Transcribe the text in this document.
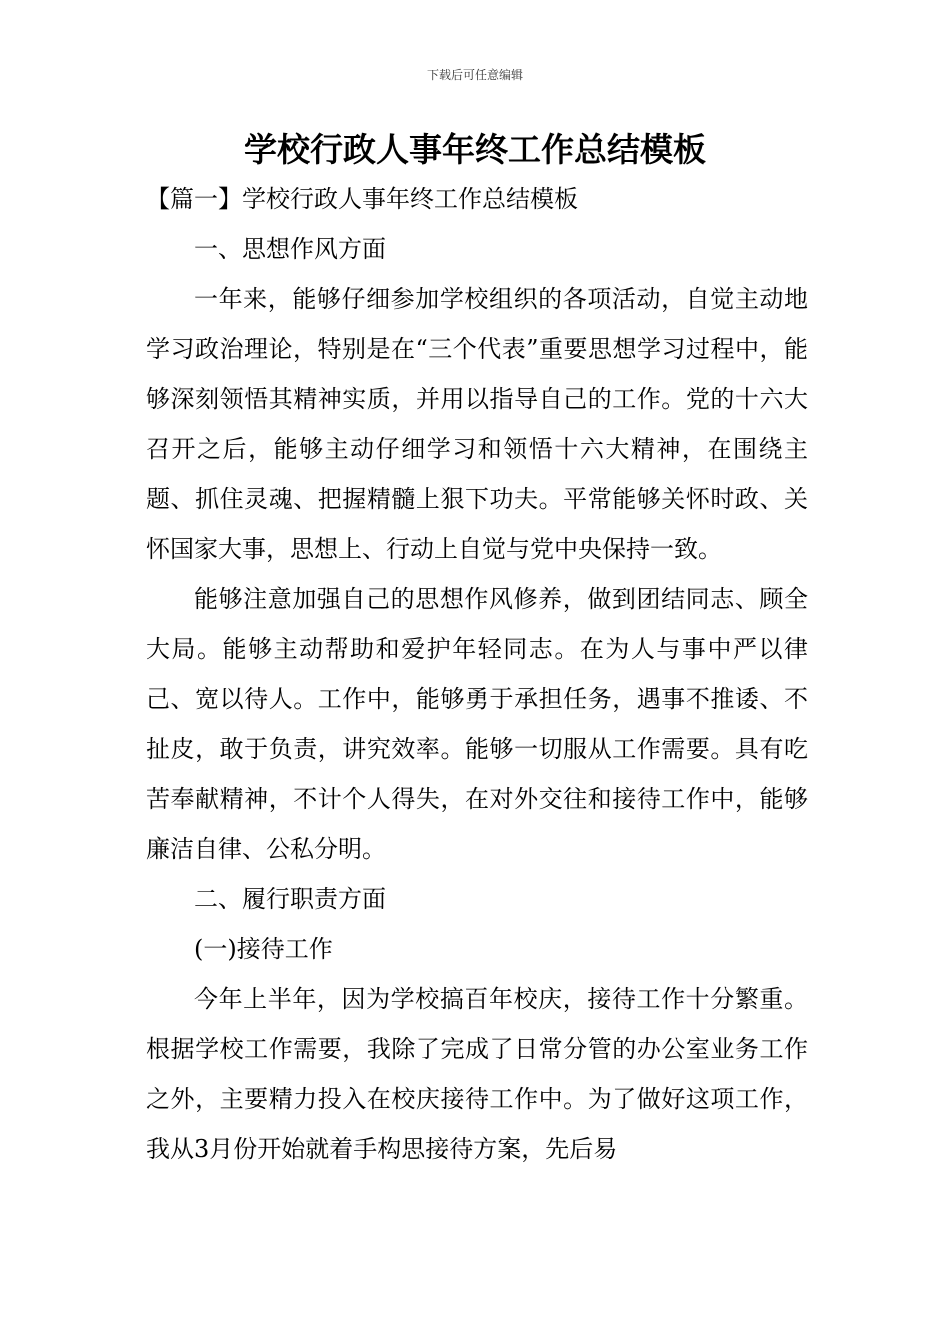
下载后可任意编辑
学校行政人事年终工作总结模板

【篇一】学校行政人事年终工作总结模板

一、思想作风方面

一年来，能够仔细参加学校组织的各项活动，自觉主动地学习政治理论，特别是在“三个代表”重要思想学习过程中，能够深刻领悟其精神实质，并用以指导自己的工作。党的十六大召开之后，能够主动仔细学习和领悟十六大精神，在围绕主题、抓住灵魂、把握精髓上狠下功夫。平常能够关怀时政、关怀国家大事，思想上、行动上自觉与党中央保持一致。

能够注意加强自己的思想作风修养，做到团结同志、顾全大局。能够主动帮助和爱护年轻同志。在为人与事中严以律己、宽以待人。工作中，能够勇于承担任务，遇事不推诿、不扯皮，敢于负责，讲究效率。能够一切服从工作需要。具有吃苦奉献精神，不计个人得失，在对外交往和接待工作中，能够廉洁自律、公私分明。

二、履行职责方面

(一)接待工作

今年上半年，因为学校搞百年校庆，接待工作十分繁重。根据学校工作需要，我除了完成了日常分管的办公室业务工作之外，主要精力投入在校庆接待工作中。为了做好这项工作，我从3月份开始就着手构思接待方案，先后易
